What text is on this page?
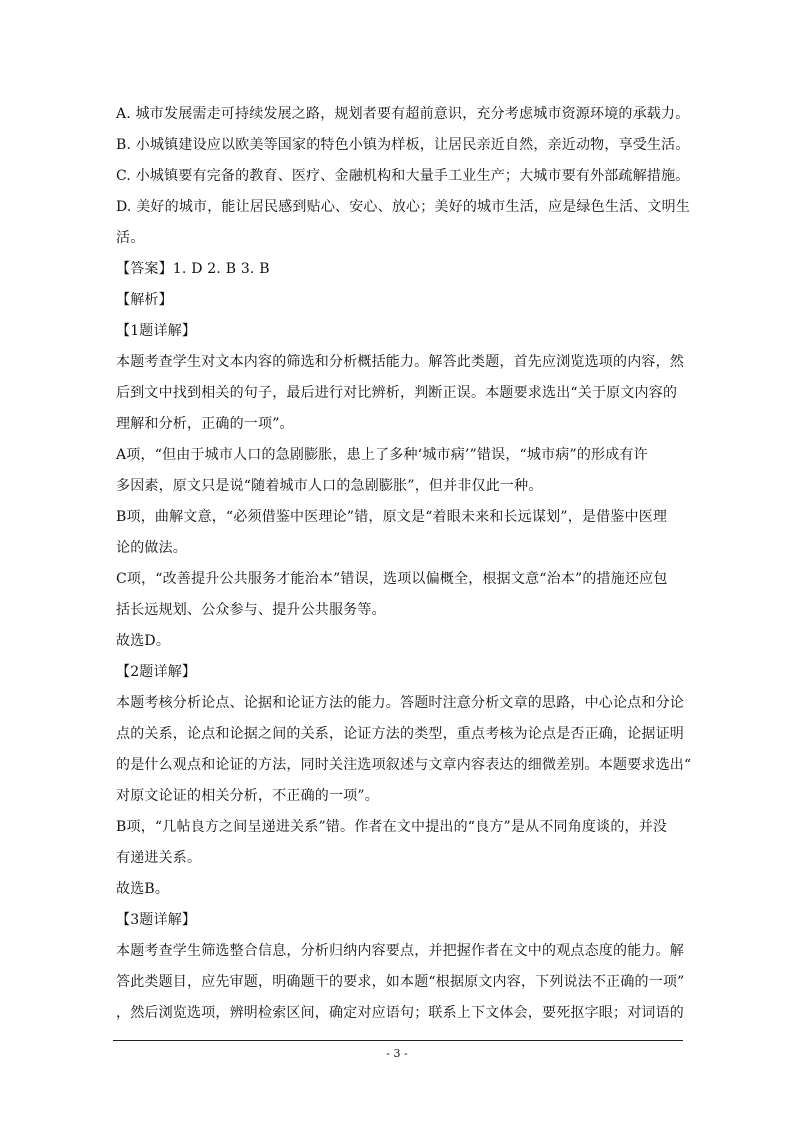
A. 城市发展需走可持续发展之路，规划者要有超前意识，充分考虑城市资源环境的承载力。
B. 小城镇建设应以欧美等国家的特色小镇为样板，让居民亲近自然，亲近动物，享受生活。
C. 小城镇要有完备的教育、医疗、金融机构和大量手工业生产；大城市要有外部疏解措施。
D. 美好的城市，能让居民感到贴心、安心、放心；美好的城市生活，应是绿色生活、文明生
活。
【答案】1. D 2. B 3. B
【解析】
【1题详解】
本题考查学生对文本内容的筛选和分析概括能力。解答此类题，首先应浏览选项的内容，然
后到文中找到相关的句子，最后进行对比辨析，判断正误。本题要求选出“关于原文内容的
理解和分析，正确的一项”。
A项，“但由于城市人口的急剧膨胀，患上了多种‘城市病’”错误，“城市病”的形成有许
多因素，原文只是说“随着城市人口的急剧膨胀”，但并非仅此一种。
B项，曲解文意，“必须借鉴中医理论”错，原文是“着眼未来和长远谋划”，是借鉴中医理
论的做法。
C项，“改善提升公共服务才能治本”错误，选项以偏概全，根据文意“治本”的措施还应包
括长远规划、公众参与、提升公共服务等。
故选D。
【2题详解】
本题考核分析论点、论据和论证方法的能力。答题时注意分析文章的思路，中心论点和分论
点的关系，论点和论据之间的关系，论证方法的类型，重点考核为论点是否正确，论据证明
的是什么观点和论证的方法，同时关注选项叙述与文章内容表达的细微差别。本题要求选出“
对原文论证的相关分析，不正确的一项”。
B项，“几帖良方之间呈递进关系”错。作者在文中提出的“良方”是从不同角度谈的，并没
有递进关系。
故选B。
【3题详解】
本题考查学生筛选整合信息，分析归纳内容要点，并把握作者在文中的观点态度的能力。解
答此类题目，应先审题，明确题干的要求，如本题“根据原文内容，下列说法不正确的一项”
，然后浏览选项，辨明检索区间，确定对应语句；联系上下文体会，要死抠字眼；对词语的
- 3 -
